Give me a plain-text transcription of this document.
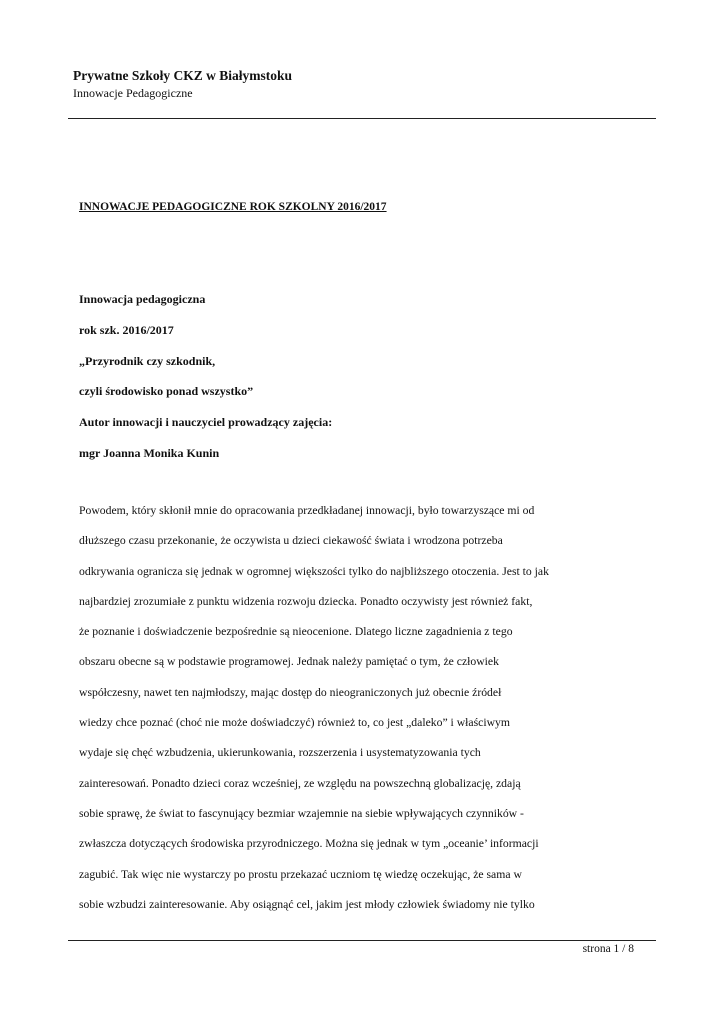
Prywatne Szkoły CKZ w Białymstoku
Innowacje Pedagogiczne
INNOWACJE PEDAGOGICZNE ROK SZKOLNY 2016/2017
Innowacja pedagogiczna
rok szk. 2016/2017
„Przyrodnik czy szkodnik,
czyli środowisko ponad wszystko”
Autor innowacji i nauczyciel prowadzący zajęcia:
mgr Joanna Monika Kunin
Powodem, który skłonił mnie do opracowania przedkładanej innowacji, było towarzyszące mi od
dłuższego czasu przekonanie, że oczywista u dzieci ciekawość świata i wrodzona potrzeba
odkrywania ogranicza się jednak w ogromnej większości tylko do najbliższego otoczenia. Jest to jak
najbardziej zrozumiałe z punktu widzenia rozwoju dziecka. Ponadto oczywisty jest również fakt,
że poznanie i doświadczenie bezpośrednie są nieocenione. Dlatego liczne zagadnienia z tego
obszaru obecne są w podstawie programowej. Jednak należy pamiętać o tym, że człowiek
współczesny, nawet ten najmłodszy, mając dostęp do nieograniczonych już obecnie źródeł
wiedzy chce poznać (choć nie może doświadczyć) również to, co jest „daleko” i właściwym
wydaje się chęć wzbudzenia, ukierunkowania, rozszerzenia i usystematyzowania tych
zainteresowań. Ponadto dzieci coraz wcześniej, ze względu na powszechną globalizację, zdają
sobie sprawę, że świat to fascynujący bezmiar wzajemnie na siebie wpływających czynników -
zwłaszcza dotyczących środowiska przyrodniczego. Można się jednak w tym „oceanie’ informacji
zagubić. Tak więc nie wystarczy po prostu przekazać uczniom tę wiedzę oczekując, że sama w
sobie wzbudzi zainteresowanie. Aby osiągnąć cel, jakim jest młody człowiek świadomy nie tylko
strona 1 / 8
